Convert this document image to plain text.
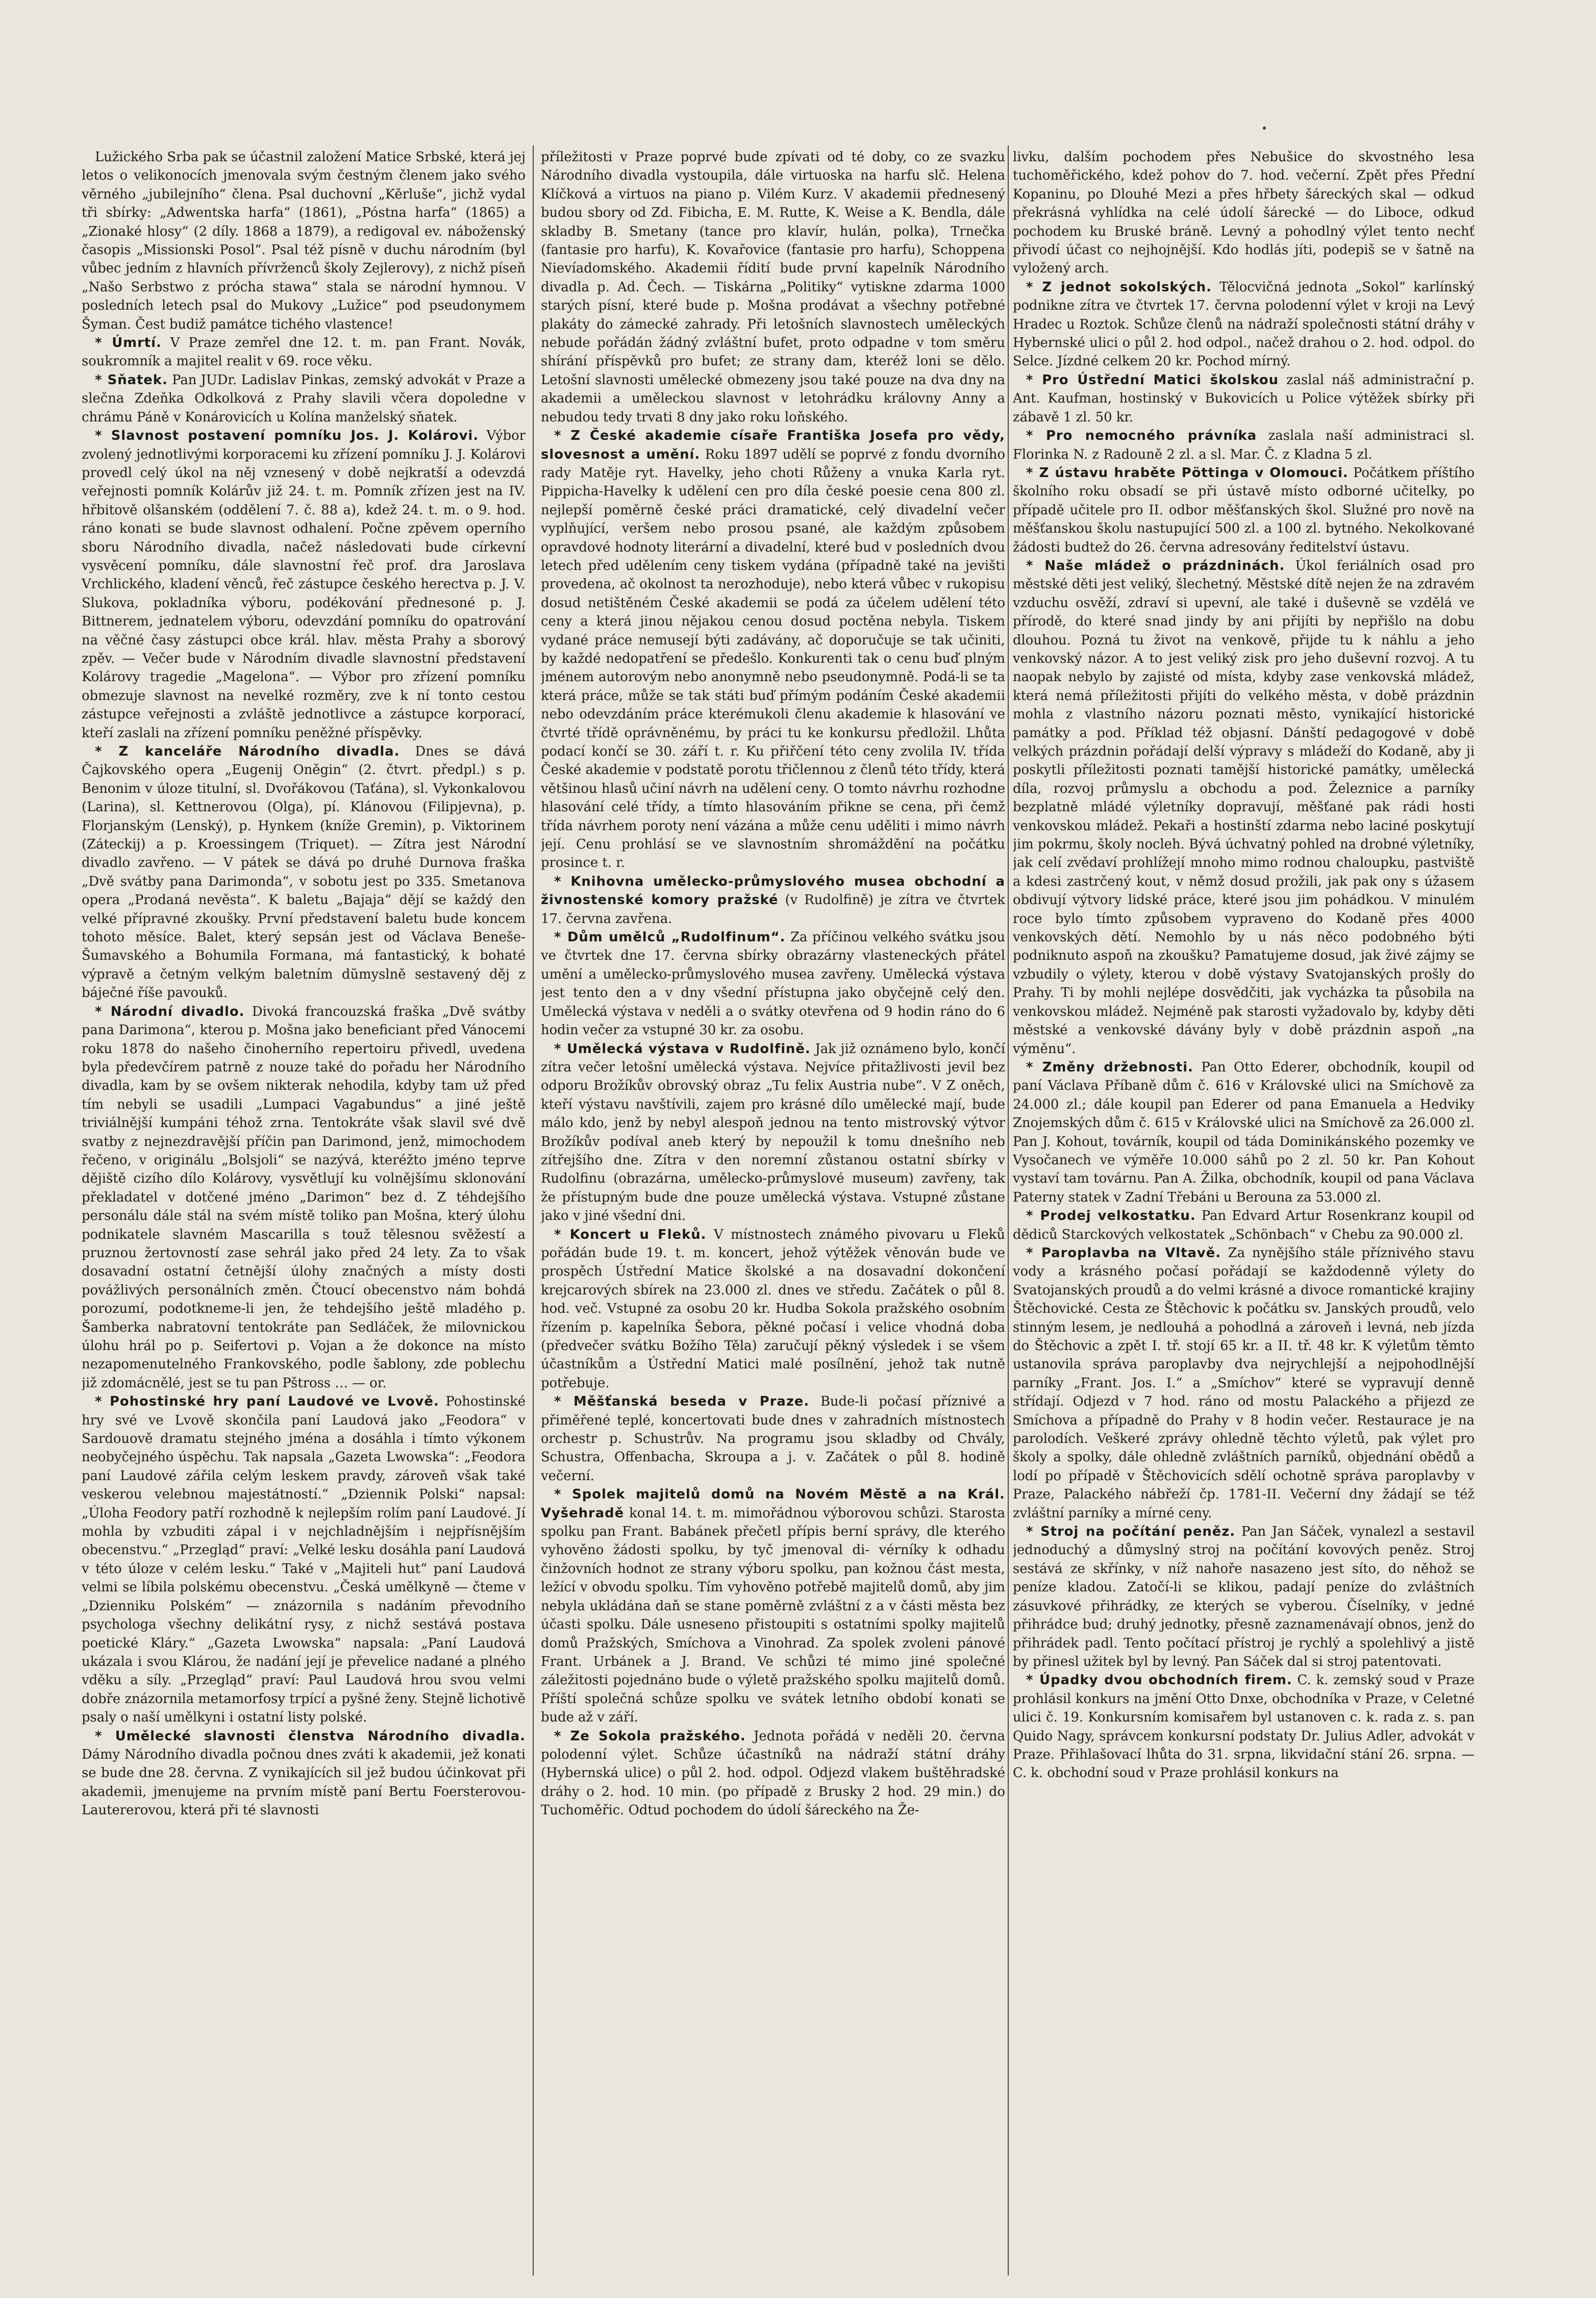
Lužického Srba pak se účastnil založení Matice Srbské, která jej letos o velikonocích jmenovala svým čestným členem jako svého věrného „jubilejního“ člena. Psal duchovní „Kěrluše“, jichž vydal tři sbírky: „Adwentska harfa“ (1861), „Póstna harfa“ (1865) a „Zionaké hlosy“ (2 díly. 1868 a 1879), a redigoval ev. náboženský časopis „Missionski Posol“. Psal též písně v duchu národním (byl vůbec jedním z hlavních přívrženců školy Zejlerovy), z nichž píseň „Našo Serbstwo z prócha stawa“ stala se národní hymnou. V posledních letech psal do Mukovy „Lužice“ pod pseudonymem Šyman. Čest budiž památce tichého vlastence!

* Úmrtí. V Praze zemřel dne 12. t. m. pan Frant. Novák, soukromník a majitel realit v 69. roce věku.

* Sňatek. Pan JUDr. Ladislav Pinkas, zemský advokát v Praze a slečna Zdeňka Odkolková z Prahy slavili včera dopoledne v chrámu Páně v Konárovicích u Kolína manželský sňatek.

* Slavnost postavení pomníku Jos. J. Kolárovi. Výbor zvolený jednotlivými korporacemi ku zřízení pomníku J. J. Kolárovi provedl celý úkol na něj vznesený v době nejkratší a odevzdá veřejnosti pomník Kolárův již 24. t. m. Pomník zřízen jest na IV. hřbitově olšanském (oddělení 7. č. 88 a), kdež 24. t. m. o 9. hod. ráno konati se bude slavnost odhalení. Počne zpěvem operního sboru Národního divadla, načež následovati bude církevní vysvěcení pomníku, dále slavnostní řeč prof. dra Jaroslava Vrchlického, kladení věnců, řeč zástupce českého herectva p. J. V. Slukova, pokladníka výboru, podékování přednesoné p. J. Bittnerem, jednatelem výboru, odevzdání pomníku do opatrování na věčné časy zástupci obce král. hlav. města Prahy a sborový zpěv. — Večer bude v Národním divadle slavnostní představení Kolárovy tragedie „Magelona“. — Výbor pro zřízení pomníku obmezuje slavnost na nevelké rozměry, zve k ní tonto cestou zástupce veřejnosti a zvláště jednotlivce a zástupce korporací, kteří zaslali na zřízení pomníku peněžné příspěvky.

* Z kanceláře Národního divadla. Dnes se dává Čajkovského opera „Eugenij Oněgin“ (2. čtvrt. předpl.) s p. Benonim v úloze titulní, sl. Dvořákovou (Taťána), sl. Vykonkalovou (Larina), sl. Kettnerovou (Olga), pí. Klánovou (Filipjevna), p. Florjanským (Lenský), p. Hynkem (kníže Gremin), p. Viktorinem (Záteckij) a p. Kroessingem (Triquet). — Zítra jest Národní divadlo zavřeno. — V pátek se dává po druhé Durnova fraška „Dvě svátby pana Darimonda“, v sobotu jest po 335. Smetanova opera „Prodaná nevěsta“. K baletu „Bajaja“ dějí se každý den velké přípravné zkoušky. První představení baletu bude koncem tohoto měsíce. Balet, který sepsán jest od Václava Beneše-Šumavského a Bohumila Formana, má fantastický, k bohaté výpravě a četným velkým baletním dŭmyslně sestavený děj z báječné říše pavouků.

* Národní divadlo. Divoká francouzská fraška „Dvě svátby pana Darimona“, kterou p. Mošna jako beneficiant před Vánocemi roku 1878 do našeho činoherního repertoiru přivedl, uvedena byla předevčírem patrně z nouze také do pořadu her Národního divadla, kam by se ovšem nikterak nehodila, kdyby tam už před tím nebyli se usadili „Lumpaci Vagabundus“ a jiné ještě triviálnější kumpáni téhož zrna. Tentokráte však slavil své dvě svatby z nejnezdravější příčin pan Darimond, jenž, mimochodem řečeno, v originálu „Bolsjoli“ se nazývá, kteréžto jméno teprve dějiště cizího dílo Kolárovy, vysvětlují ku volnějšímu sklonování překladatel v dotčené jméno „Darimon“ bez d. Z téhdejšího personálu dále stál na svém místě toliko pan Mošna, který úlohu podnikatele slavném Mascarilla s touž tělesnou svěžestí a pruznou žertovností zase sehrál jako před 24 lety. Za to však dosavadní ostatní četnější úlohy značných a místy dosti povážlivých personálních změn. Čtoucí obecenstvo nám bohdá porozumí, podotkneme-li jen, že tehdejšího ještě mladého p. Šamberka nabratovní tentokráte pan Sedláček, že milovnickou úlohu hrál po p. Seifertovi p. Vojan a že dokonce na místo nezapomenutelného Frankovského, podle šablony, zde poblechu již zdomácnělé, jest se tu pan Pštross … — or.

* Pohostinské hry paní Laudové ve Lvově. Pohostinské hry své ve Lvově skončila paní Laudová jako „Feodora“ v Sardouově dramatu stejného jména a dosáhla i tímto výkonem neobyčejného úspěchu. Tak napsala „Gazeta Lwowska“: „Feodora paní Laudové zářila celým leskem pravdy, zároveň však také veskerou velebnou majestátností.“ „Dziennik Polski“ napsal: „Úloha Feodory patří rozhodně k nejlepším rolím paní Laudové. Jí mohla by vzbuditi zápal i v nejchladnějším i nejpřísnějším obecenstvu.“ „Przegląd“ praví: „Velké lesku dosáhla paní Laudová v této úloze v celém lesku.“ Také v „Majiteli hut“ paní Laudová velmi se líbila polskému obecenstvu. „Česká umělkyně — čteme v „Dzienniku Polském“ — znázornila s nadáním převodního psychologa všechny delikátní rysy, z nichž sestává postava poetické Kláry.“ „Gazeta Lwowska“ napsala: „Paní Laudová ukázala i svou Klárou, že nadání její je převelice nadané a plného vděku a síly. „Przegląd“ praví: Paul Laudová hrou svou velmi dobře znázornila metamorfosy trpící a pyšné ženy. Stejně lichotivě psaly o naší umělkyni i ostatní listy polské.

* Umělecké slavnosti členstva Národního divadla. Dámy Národního divadla počnou dnes zváti k akademii, jež konati se bude dne 28. června. Z vynikajících sil jež budou účinkovat při akademii, jmenujeme na prvním místě paní Bertu Foersterovou-Lautererovou, která při té slavnosti

příležitosti v Praze poprvé bude zpívati od té doby, co ze svazku Národního divadla vystoupila, dále virtuoska na harfu slč. Helena Klíčková a virtuos na piano p. Vilém Kurz. V akademii přednesený budou sbory od Zd. Fibicha, E. M. Rutte, K. Weise a K. Bendla, dále skladby B. Smetany (tance pro klavír, hulán, polka), Trnečka (fantasie pro harfu), K. Kovařovice (fantasie pro harfu), Schoppena Nievíadomského. Akademii řídití bude první kapelník Národního divadla p. Ad. Čech. — Tiskárna „Politiky“ vytiskne zdarma 1000 starých písní, které bude p. Mošna prodávat a všechny potřebné plakáty do zámecké zahrady. Při letošních slavnostech uměleckých nebude pořádán žádný zvláštní bufet, proto odpadne v tom směru shírání příspěvků pro bufet; ze strany dam, kteréž loni se dělo. Letošní slavnosti umělecké obmezeny jsou také pouze na dva dny na akademii a uměleckou slavnost v letohrádku královny Anny a nebudou tedy trvati 8 dny jako roku loňského.

* Z České akademie císaře Františka Josefa pro vědy, slovesnost a umění. Roku 1897 udělí se poprvé z fondu dvorního rady Matěje ryt. Havelky, jeho choti Růženy a vnuka Karla ryt. Pippicha-Havelky k udělení cen pro díla české poesie cena 800 zl. nejlepší poměrně české práci dramatické, celý divadelní večer vyplňující, veršem nebo prosou psané, ale každým způsobem opravdové hodnoty literární a divadelní, které bud v posledních dvou letech před udělením ceny tiskem vydána (případně také na jevišti provedena, ač okolnost ta nerozhoduje), nebo která vůbec v rukopisu dosud netištěném České akademii se podá za účelem udělení této ceny a která jinou nějakou cenou dosud poctěna nebyla. Tiskem vydané práce nemusejí býti zadávány, ač doporučuje se tak učiniti, by každé nedopatření se předešlo. Konkurenti tak o cenu buď plným jménem autorovým nebo anonymně nebo pseudonymně. Podá-li se ta která práce, může se tak státi buď přímým podáním České akademii nebo odevzdáním práce kterémukoli členu akademie k hlasování ve čtvrté třídě oprávněnému, by práci tu ke konkursu předložil. Lhůta podací končí se 30. září t. r. Ku přiřčení této ceny zvolila IV. třída České akademie v podstatě porotu třičlennou z členů této třídy, která většinou hlasů učiní návrh na udělení ceny. O tomto návrhu rozhodne hlasování celé třídy, a tímto hlasováním přikne se cena, při čemž třída návrhem poroty není vázána a může cenu uděliti i mimo návrh její. Cenu prohlásí se ve slavnostním shromáždění na počátku prosince t. r.

* Knihovna umělecko-průmyslového musea obchodní a živnostenské komory pražské (v Rudolfině) je zítra ve čtvrtek 17. června zavřena.

* Dům umělců „Rudolfinum“. Za příčinou velkého svátku jsou ve čtvrtek dne 17. června sbírky obrazárny vlasteneckých přátel umění a umělecko-průmyslového musea zavřeny. Umělecká výstava jest tento den a v dny všední přístupna jako obyčejně celý den. Umělecká výstava v neděli a o svátky otevřena od 9 hodin ráno do 6 hodin večer za vstupné 30 kr. za osobu.

* Umělecká výstava v Rudolfině. Jak již oznámeno bylo, končí zítra večer letošní umělecká výstava. Nejvíce přitažlivosti jevil bez odporu Brožíkův obrovský obraz „Tu felix Austria nube“. V Z oněch, kteří výstavu navštívili, zajem pro krásné dílo umělecké mají, bude málo kdo, jenž by nebyl alespoň jednou na tento mistrovský výtvor Brožíkův podíval aneb který by nepoužil k tomu dnešního neb zítřejšího dne. Zítra v den noremní zůstanou ostatní sbírky v Rudolfinu (obrazárna, umělecko-průmyslové museum) zavřeny, tak že přístupným bude dne pouze umělecká výstava. Vstupné zůstane jako v jiné všední dni.

* Koncert u Fleků. V místnostech známého pivovaru u Fleků pořádán bude 19. t. m. koncert, jehož výtěžek věnován bude ve prospěch Ústřední Matice školské a na dosavadní dokončení krejcarových sbírek na 23.000 zl. dnes ve středu. Začátek o půl 8. hod. več. Vstupné za osobu 20 kr. Hudba Sokola pražského osobním řízením p. kapelníka Šebora, pěkné počasí i velice vhodná doba (předvečer svátku Božího Těla) zaručují pěkný výsledek i se všem účastníkům a Ústřední Matici malé posílnění, jehož tak nutně potřebuje.

* Měšťanská beseda v Praze. Bude-li počasí příznivé a přiměřené teplé, koncertovati bude dnes v zahradních místnostech orchestr p. Schustrův. Na programu jsou skladby od Chvály, Schustra, Offenbacha, Skroupa a j. v. Začátek o půl 8. hodině večerní.

* Spolek majitelů domů na Novém Městě a na Král. Vyšehradě konal 14. t. m. mimořádnou výborovou schůzi. Starosta spolku pan Frant. Babánek přečetl přípis berní správy, dle kterého vyhověno žádosti spolku, by tyč jmenoval di- vérníky k odhadu činžovních hodnot ze strany výboru spolku, pan kožnou část mesta, ležící v obvodu spolku. Tím vyhověno potřebě majitelů domů, aby jim nebyla ukládána daň se stane poměrně zvláštní z a v části města bez účasti spolku. Dále usneseno přistoupiti s ostatními spolky majitelů domů Pražských, Smíchova a Vinohrad. Za spolek zvoleni pánové Frant. Urbánek a J. Brand. Ve schůzi té mimo jiné společné záležitosti pojednáno bude o výletě pražského spolku majitelů domů. Příští společná schůze spolku ve svátek letního období konati se bude až v září.

* Ze Sokola pražského. Jednota pořádá v neděli 20. června polodenní výlet. Schůze účastníků na nádraží státní dráhy (Hybernská ulice) o půl 2. hod. odpol. Odjezd vlakem buštěhradské dráhy o 2. hod. 10 min. (po případě z Brusky 2 hod. 29 min.) do Tuchoměřic. Odtud pochodem do údolí šáreckého na Že-

livku, dalším pochodem přes Nebušice do skvostného lesa tuchoměřického, kdež pohov do 7. hod. večerní. Zpět přes Přední Kopaninu, po Dlouhé Mezi a přes hřbety šáreckých skal — odkud překrásná vyhlídka na celé údolí šárecké — do Liboce, odkud pochodem ku Bruské bráně. Levný a pohodlný výlet tento nechť přivodí účast co nejhojnější. Kdo hodlás jíti, podepiš se v šatně na vyložený arch.

* Z jednot sokolských. Tělocvičná jednota „Sokol“ karlínský podnikne zítra ve čtvrtek 17. června polodenní výlet v kroji na Levý Hradec u Roztok. Schůze členů na nádraží společnosti státní dráhy v Hybernské ulici o půl 2. hod odpol., načež drahou o 2. hod. odpol. do Selce. Jízdné celkem 20 kr. Pochod mírný.

* Pro Ústřední Matici školskou zaslal náš administrační p. Ant. Kaufman, hostinský v Bukovicích u Police výtěžek sbírky při zábavě 1 zl. 50 kr.

* Pro nemocného právníka zaslala naší administraci sl. Florinka N. z Radouně 2 zl. a sl. Mar. Č. z Kladna 5 zl.

* Z ústavu hraběte Pöttinga v Olomouci. Počátkem příštího školního roku obsadí se při ústavě místo odborné učitelky, po případě učitele pro II. odbor měšťanských škol. Služné pro nově na měšťanskou školu nastupující 500 zl. a 100 zl. bytného. Nekolkované žádosti budtež do 26. června adresovány ředitelství ústavu.

* Naše mládež o prázdninách. Úkol feriálních osad pro městské děti jest veliký, šlechetný. Městské dítě nejen že na zdravém vzduchu osvěží, zdraví si upevní, ale také i duševně se vzdělá ve přírodě, do které snad jindy by ani přijíti by nepřišlo na dobu dlouhou. Pozná tu život na venkově, přijde tu k náhlu a jeho venkovský názor. A to jest veliký zisk pro jeho duševní rozvoj. A tu naopak nebylo by zajisté od místa, kdyby zase venkovská mládež, která nemá příležitosti přijíti do velkého města, v době prázdnin mohla z vlastního názoru poznati město, vynikající historické památky a pod. Příklad též objasní. Dánští pedagogové v době velkých prázdnin pořádají delší výpravy s mládeží do Kodaně, aby ji poskytli příležitosti poznati tamější historické památky, umělecká díla, rozvoj průmyslu a obchodu a pod. Železnice a parníky bezplatně mládé výletníky dopravují, měšťané pak rádi hosti venkovskou mládež. Pekaři a hostinští zdarma nebo laciné poskytují jim pokrmu, školy nocleh. Bývá úchvatný pohled na drobné výletníky, jak celí zvědaví prohlížejí mnoho mimo rodnou chaloupku, pastviště a kdesi zastrčený kout, v němž dosud prožili, jak pak ony s úžasem obdivují výtvory lidské práce, které jsou jim pohádkou. V minulém roce bylo tímto způsobem vypraveno do Kodaně přes 4000 venkovských dětí. Nemohlo by u nás něco podobného býti podniknuto aspoň na zkoušku? Pamatujeme dosud, jak živé zájmy se vzbudily o výlety, kterou v době výstavy Svatojanských prošly do Prahy. Ti by mohli nejlépe dosvědčiti, jak vycházka ta působila na venkovskou mládež. Nejméně pak starosti vyžadovalo by, kdyby děti městské a venkovské dávány byly v době prázdnin aspoň „na výměnu“.

* Změny držebnosti. Pan Otto Ederer, obchodník, koupil od paní Václava Příbaně dům č. 616 v Královské ulici na Smíchově za 24.000 zl.; dále koupil pan Ederer od pana Emanuela a Hedviky Znojemských dům č. 615 v Královské ulici na Smíchově za 26.000 zl. Pan J. Kohout, továrník, koupil od táda Dominikánského pozemky ve Vysočanech ve výměře 10.000 sáhů po 2 zl. 50 kr. Pan Kohout vystaví tam továrnu. Pan A. Žilka, obchodník, koupil od pana Václava Paterny statek v Zadní Třebáni u Berouna za 53.000 zl.

* Prodej velkostatku. Pan Edvard Artur Rosenkranz koupil od dědiců Starckových velkostatek „Schönbach“ v Chebu za 90.000 zl.

* Paroplavba na Vltavě. Za nynějšího stále příznivého stavu vody a krásného počasí pořádají se každodenně výlety do Svatojanských proudů a do velmi krásné a divoce romantické krajiny Štěchovické. Cesta ze Štěchovic k počátku sv. Janských proudů, velo stinným lesem, je nedlouhá a pohodlná a zároveň i levná, neb jízda do Štěchovic a zpět I. tř. stojí 65 kr. a II. tř. 48 kr. K výletům těmto ustanovila správa paroplavby dva nejrychlejší a nejpohodlnější parníky „Frant. Jos. I.“ a „Smíchov“ které se vypravují denně střídají. Odjezd v 7 hod. ráno od mostu Palackého a přijezd ze Smíchova a případně do Prahy v 8 hodin večer. Restaurace je na parolodích. Veškeré zprávy ohledně těchto výletů, pak výlet pro školy a spolky, dále ohledně zvláštních parníků, objednání obědů a lodí po případě v Štěchovicích sdělí ochotně správa paroplavby v Praze, Palackého nábřeží čp. 1781-II. Večerní dny žádají se též zvláštní parníky a mírné ceny.

* Stroj na počítání peněz. Pan Jan Sáček, vynalezl a sestavil jednoduchý a důmyslný stroj na počítání kovových peněz. Stroj sestává ze skřínky, v níž nahoře nasazeno jest síto, do něhož se peníze kladou. Zatočí-li se klikou, padají peníze do zvláštních zásuvkové přihrádky, ze kterých se vyberou. Číselníky, v jedné přihrádce bud; druhý jednotky, přesně zaznamenávají obnos, jenž do přihrádek padl. Tento počítací přístroj je rychlý a spolehlivý a jistě by přinesl užitek byl by levný. Pan Sáček dal si stroj patentovati.

* Úpadky dvou obchodních firem. C. k. zemský soud v Praze prohlásil konkurs na jmění Otto Dnxe, obchodníka v Praze, v Celetné ulici č. 19. Konkursním komisařem byl ustanoven c. k. rada z. s. pan Quido Nagy, správcem konkursní podstaty Dr. Julius Adler, advokát v Praze. Přihlašovací lhůta do 31. srpna, likvidační stání 26. srpna. — C. k. obchodní soud v Praze prohlásil konkurs na
